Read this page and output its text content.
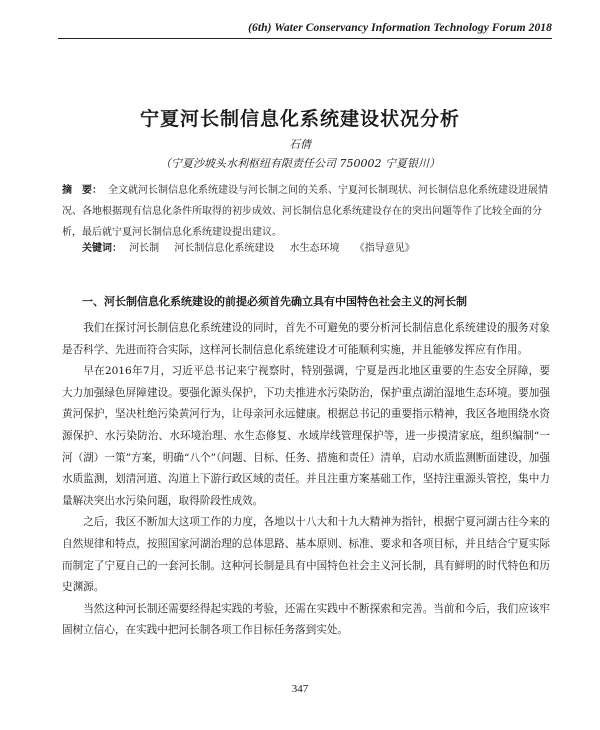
(6th) Water Conservancy Information Technology Forum 2018
宁夏河长制信息化系统建设状况分析
石倩
（宁夏沙坡头水利枢纽有限责任公司 750002 宁夏银川）
摘　要： 全文就河长制信息化系统建设与河长制之间的关系、宁夏河长制现状、河长制信息化系统建设进展情况、各地根据现有信息化条件所取得的初步成效、河长制信息化系统建设存在的突出问题等作了比较全面的分析，最后就宁夏河长制信息化系统建设提出建议。
关键词： 河长制 河长制信息化系统建设 水生态环境 《指导意见》
一、河长制信息化系统建设的前提必须首先确立具有中国特色社会主义的河长制

我们在探讨河长制信息化系统建设的同时，首先不可避免的要分析河长制信息化系统建设的服务对象是否科学、先进而符合实际，这样河长制信息化系统建设才可能顺利实施，并且能够发挥应有作用。

早在2016年7月，习近平总书记来宁视察时，特别强调，宁夏是西北地区重要的生态安全屏障，要大力加强绿色屏障建设。要强化源头保护，下功夫推进水污染防治，保护重点湖泊湿地生态环境。要加强黄河保护，坚决杜绝污染黄河行为，让母亲河永远健康。根据总书记的重要指示精神，我区各地围绕水资源保护、水污染防治、水环境治理、水生态修复、水域岸线管理保护等，进一步摸清家底，组织编制“一河（湖）一策”方案，明确“八个”（问题、目标、任务、措施和责任）清单，启动水质监测断面建设，加强水质监测，划清河道、沟道上下游行政区域的责任。并且注重方案基础工作，坚持注重源头管控，集中力量解决突出水污染问题，取得阶段性成效。

之后，我区不断加大这项工作的力度，各地以十八大和十九大精神为指针，根据宁夏河湖古往今来的自然规律和特点，按照国家河湖治理的总体思路、基本原则、标准、要求和各项目标，并且结合宁夏实际而制定了宁夏自己的一套河长制。这种河长制是具有中国特色社会主义河长制，具有鲜明的时代特色和历史渊源。

当然这种河长制还需要经得起实践的考验，还需在实践中不断探索和完善。当前和今后，我们应该牢固树立信心，在实践中把河长制各项工作目标任务落到实处。

347
